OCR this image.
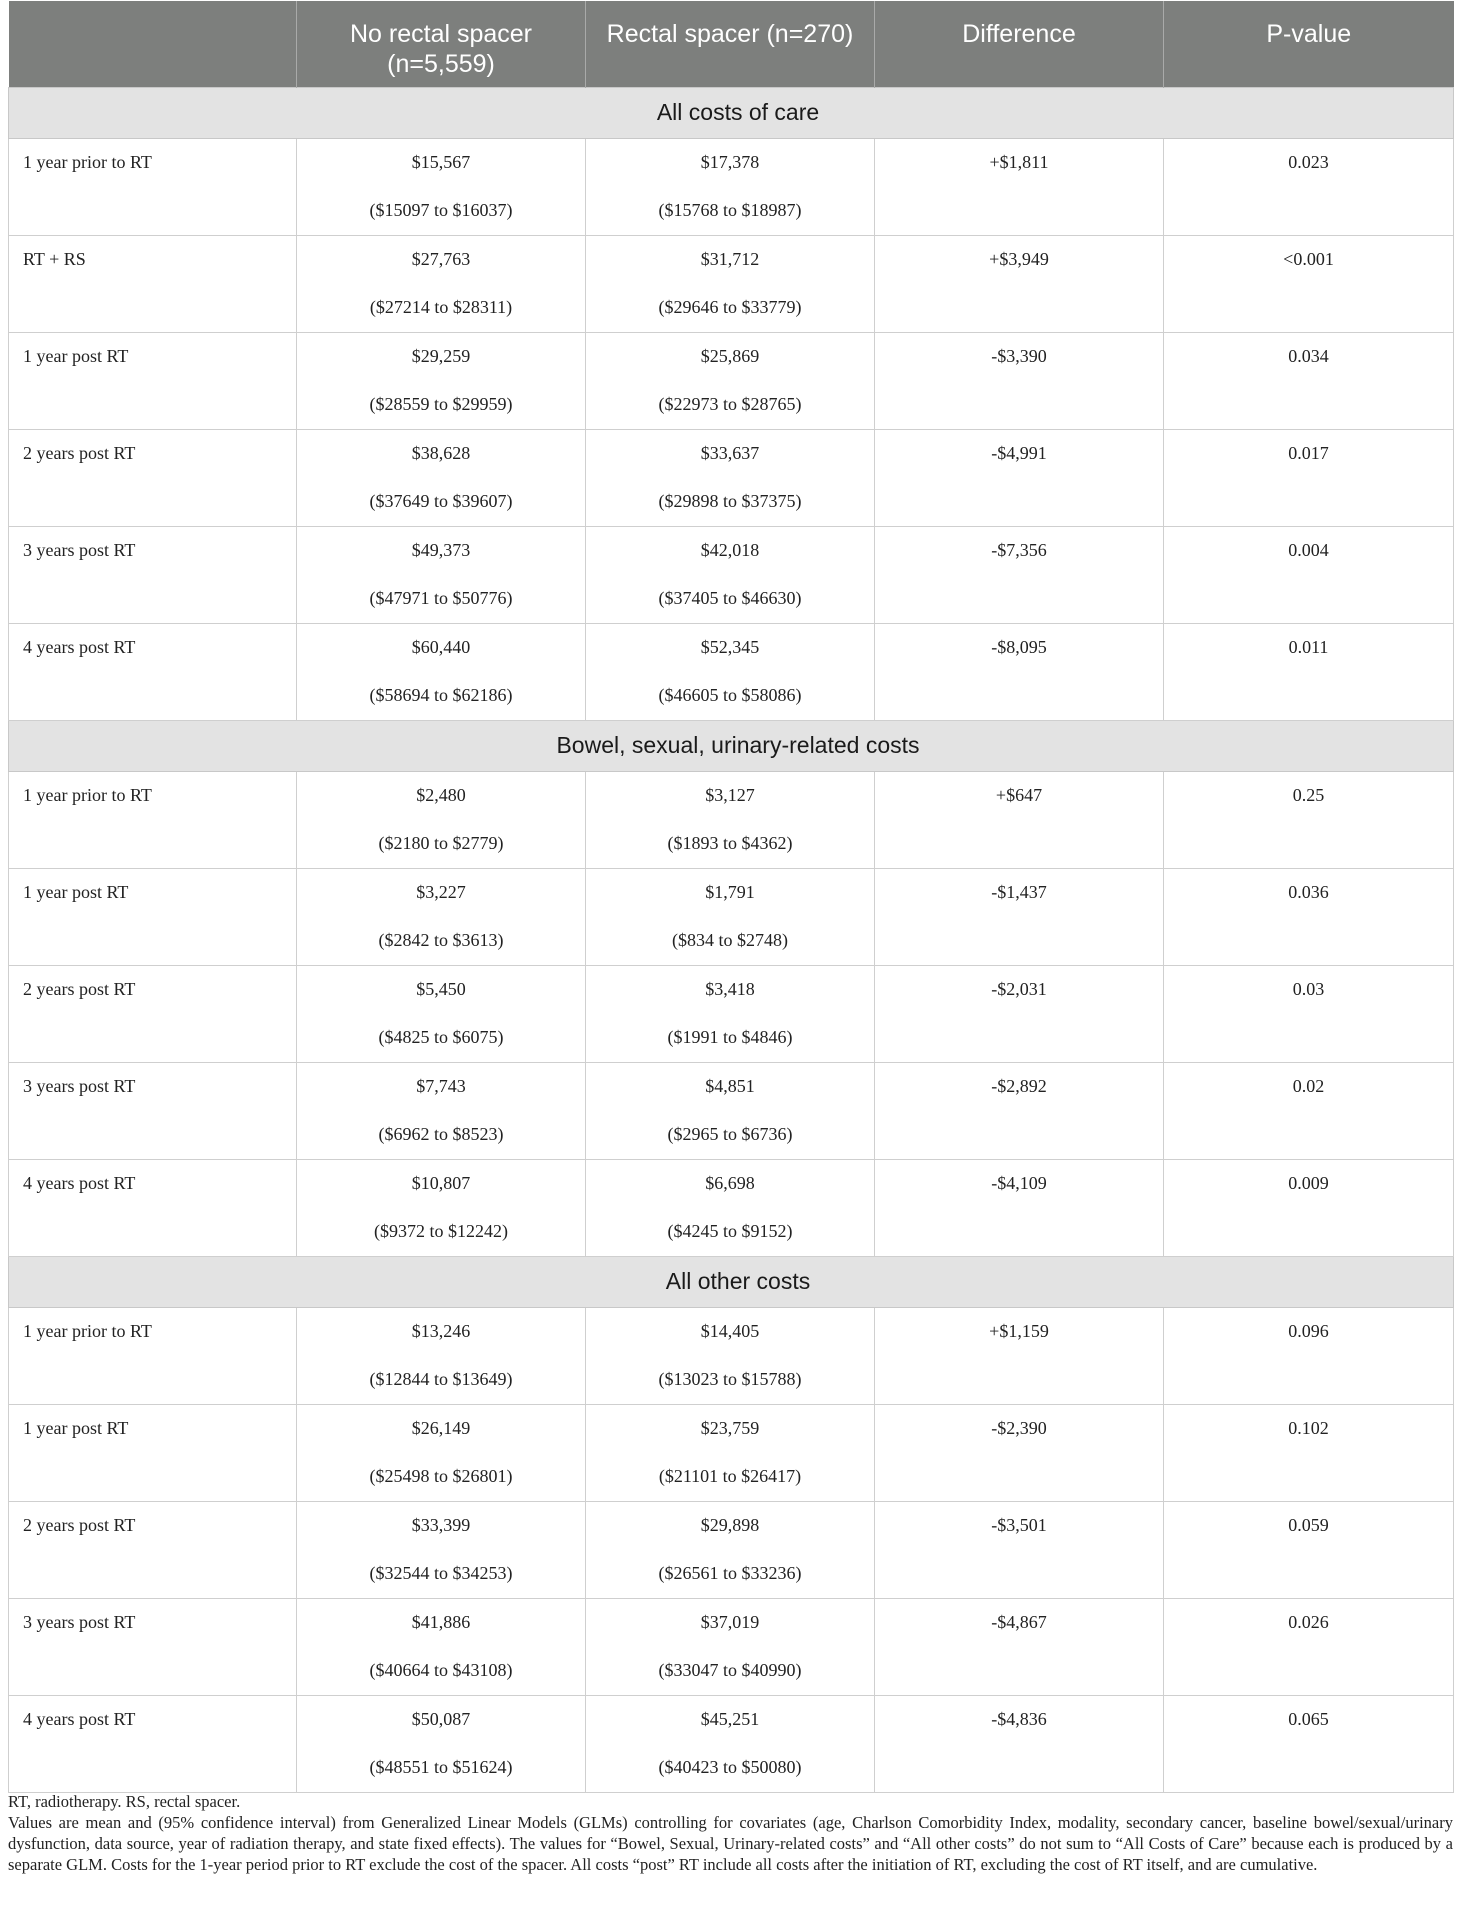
	No rectal spacer (n=5,559)	Rectal spacer (n=270)	Difference	P-value
All costs of care				
1 year prior to RT	$15,567	$17,378	+$1,811	0.023
	($15097 to $16037)	($15768 to $18987)		
RT + RS	$27,763	$31,712	+$3,949	<0.001
	($27214 to $28311)	($29646 to $33779)		
1 year post RT	$29,259	$25,869	-$3,390	0.034
	($28559 to $29959)	($22973 to $28765)		
2 years post RT	$38,628	$33,637	-$4,991	0.017
	($37649 to $39607)	($29898 to $37375)		
3 years post RT	$49,373	$42,018	-$7,356	0.004
	($47971 to $50776)	($37405 to $46630)		
4 years post RT	$60,440	$52,345	-$8,095	0.011
	($58694 to $62186)	($46605 to $58086)		
Bowel, sexual, urinary-related costs				
1 year prior to RT	$2,480	$3,127	+$647	0.25
	($2180 to $2779)	($1893 to $4362)		
1 year post RT	$3,227	$1,791	-$1,437	0.036
	($2842 to $3613)	($834 to $2748)		
2 years post RT	$5,450	$3,418	-$2,031	0.03
	($4825 to $6075)	($1991 to $4846)		
3 years post RT	$7,743	$4,851	-$2,892	0.02
	($6962 to $8523)	($2965 to $6736)		
4 years post RT	$10,807	$6,698	-$4,109	0.009
	($9372 to $12242)	($4245 to $9152)		
All other costs				
1 year prior to RT	$13,246	$14,405	+$1,159	0.096
	($12844 to $13649)	($13023 to $15788)		
1 year post RT	$26,149	$23,759	-$2,390	0.102
	($25498 to $26801)	($21101 to $26417)		
2 years post RT	$33,399	$29,898	-$3,501	0.059
	($32544 to $34253)	($26561 to $33236)		
3 years post RT	$41,886	$37,019	-$4,867	0.026
	($40664 to $43108)	($33047 to $40990)		
4 years post RT	$50,087	$45,251	-$4,836	0.065
	($48551 to $51624)	($40423 to $50080)		

RT, radiotherapy. RS, rectal spacer.

Values are mean and (95% confidence interval) from Generalized Linear Models (GLMs) controlling for covariates (age, Charlson Comorbidity Index, modality, secondary cancer, baseline bowel/sexual/urinary dysfunction, data source, year of radiation therapy, and state fixed effects). The values for “Bowel, Sexual, Urinary-related costs” and “All other costs” do not sum to “All Costs of Care” because each is produced by a separate GLM. Costs for the 1-year period prior to RT exclude the cost of the spacer. All costs “post” RT include all costs after the initiation of RT, excluding the cost of RT itself, and are cumulative.
